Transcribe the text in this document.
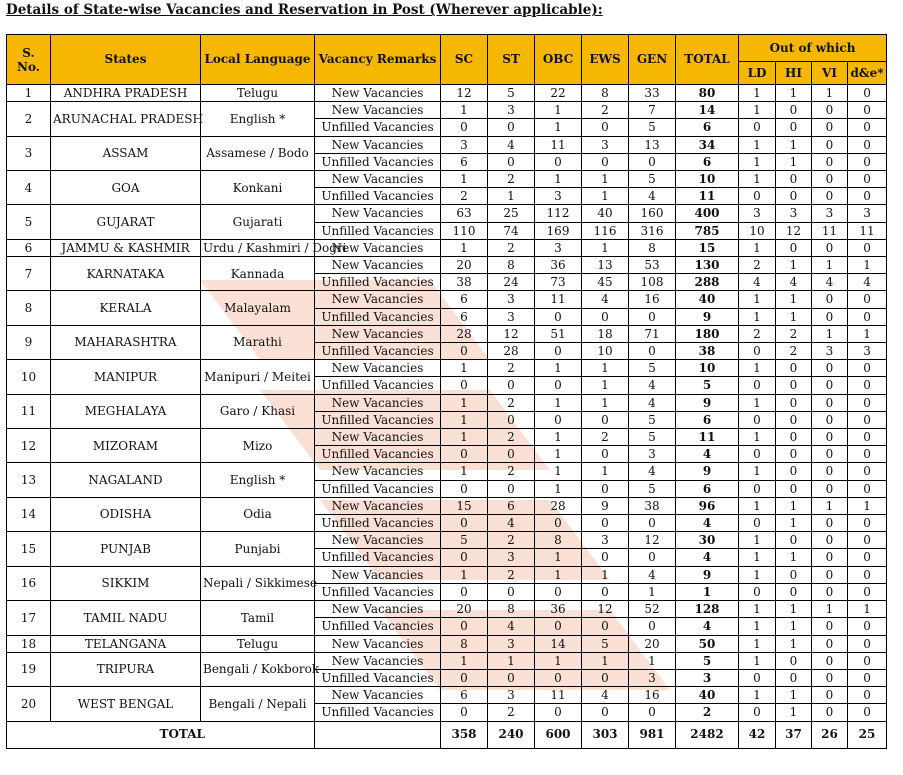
Details of State-wise Vacancies and Reservation in Post (Wherever applicable):
S. No.	States	Local Language	Vacancy Remarks	SC	ST	OBC	EWS	GEN	TOTAL	Out of which			
										LD	HI	VI	d&e*
1	ANDHRA PRADESH	Telugu	New Vacancies	12	5	22	8	33	80	1	1	1	0
2	ARUNACHAL PRADESH	English *	New Vacancies	1	3	1	2	7	14	1	0	0	0
			Unfilled Vacancies	0	0	1	0	5	6	0	0	0	0
3	ASSAM	Assamese / Bodo	New Vacancies	3	4	11	3	13	34	1	1	0	0
			Unfilled Vacancies	6	0	0	0	0	6	1	1	0	0
4	GOA	Konkani	New Vacancies	1	2	1	1	5	10	1	0	0	0
			Unfilled Vacancies	2	1	3	1	4	11	0	0	0	0
5	GUJARAT	Gujarati	New Vacancies	63	25	112	40	160	400	3	3	3	3
			Unfilled Vacancies	110	74	169	116	316	785	10	12	11	11
6	JAMMU & KASHMIR	Urdu / Kashmiri / Dogri	New Vacancies	1	2	3	1	8	15	1	0	0	0
7	KARNATAKA	Kannada	New Vacancies	20	8	36	13	53	130	2	1	1	1
			Unfilled Vacancies	38	24	73	45	108	288	4	4	4	4
8	KERALA	Malayalam	New Vacancies	6	3	11	4	16	40	1	1	0	0
			Unfilled Vacancies	6	3	0	0	0	9	1	1	0	0
9	MAHARASHTRA	Marathi	New Vacancies	28	12	51	18	71	180	2	2	1	1
			Unfilled Vacancies	0	28	0	10	0	38	0	2	3	3
10	MANIPUR	Manipuri / Meitei	New Vacancies	1	2	1	1	5	10	1	0	0	0
			Unfilled Vacancies	0	0	0	1	4	5	0	0	0	0
11	MEGHALAYA	Garo / Khasi	New Vacancies	1	2	1	1	4	9	1	0	0	0
			Unfilled Vacancies	1	0	0	0	5	6	0	0	0	0
12	MIZORAM	Mizo	New Vacancies	1	2	1	2	5	11	1	0	0	0
			Unfilled Vacancies	0	0	1	0	3	4	0	0	0	0
13	NAGALAND	English *	New Vacancies	1	2	1	1	4	9	1	0	0	0
			Unfilled Vacancies	0	0	1	0	5	6	0	0	0	0
14	ODISHA	Odia	New Vacancies	15	6	28	9	38	96	1	1	1	1
			Unfilled Vacancies	0	4	0	0	0	4	0	1	0	0
15	PUNJAB	Punjabi	New Vacancies	5	2	8	3	12	30	1	0	0	0
			Unfilled Vacancies	0	3	1	0	0	4	1	1	0	0
16	SIKKIM	Nepali / Sikkimese	New Vacancies	1	2	1	1	4	9	1	0	0	0
			Unfilled Vacancies	0	0	0	0	1	1	0	0	0	0
17	TAMIL NADU	Tamil	New Vacancies	20	8	36	12	52	128	1	1	1	1
			Unfilled Vacancies	0	4	0	0	0	4	1	1	0	0
18	TELANGANA	Telugu	New Vacancies	8	3	14	5	20	50	1	1	0	0
19	TRIPURA	Bengali / Kokborok	New Vacancies	1	1	1	1	1	5	1	0	0	0
			Unfilled Vacancies	0	0	0	0	3	3	0	0	0	0
20	WEST BENGAL	Bengali / Nepali	New Vacancies	6	3	11	4	16	40	1	1	0	0
			Unfilled Vacancies	0	2	0	0	0	2	0	1	0	0
	TOTAL			358	240	600	303	981	2482	42	37	26	25
